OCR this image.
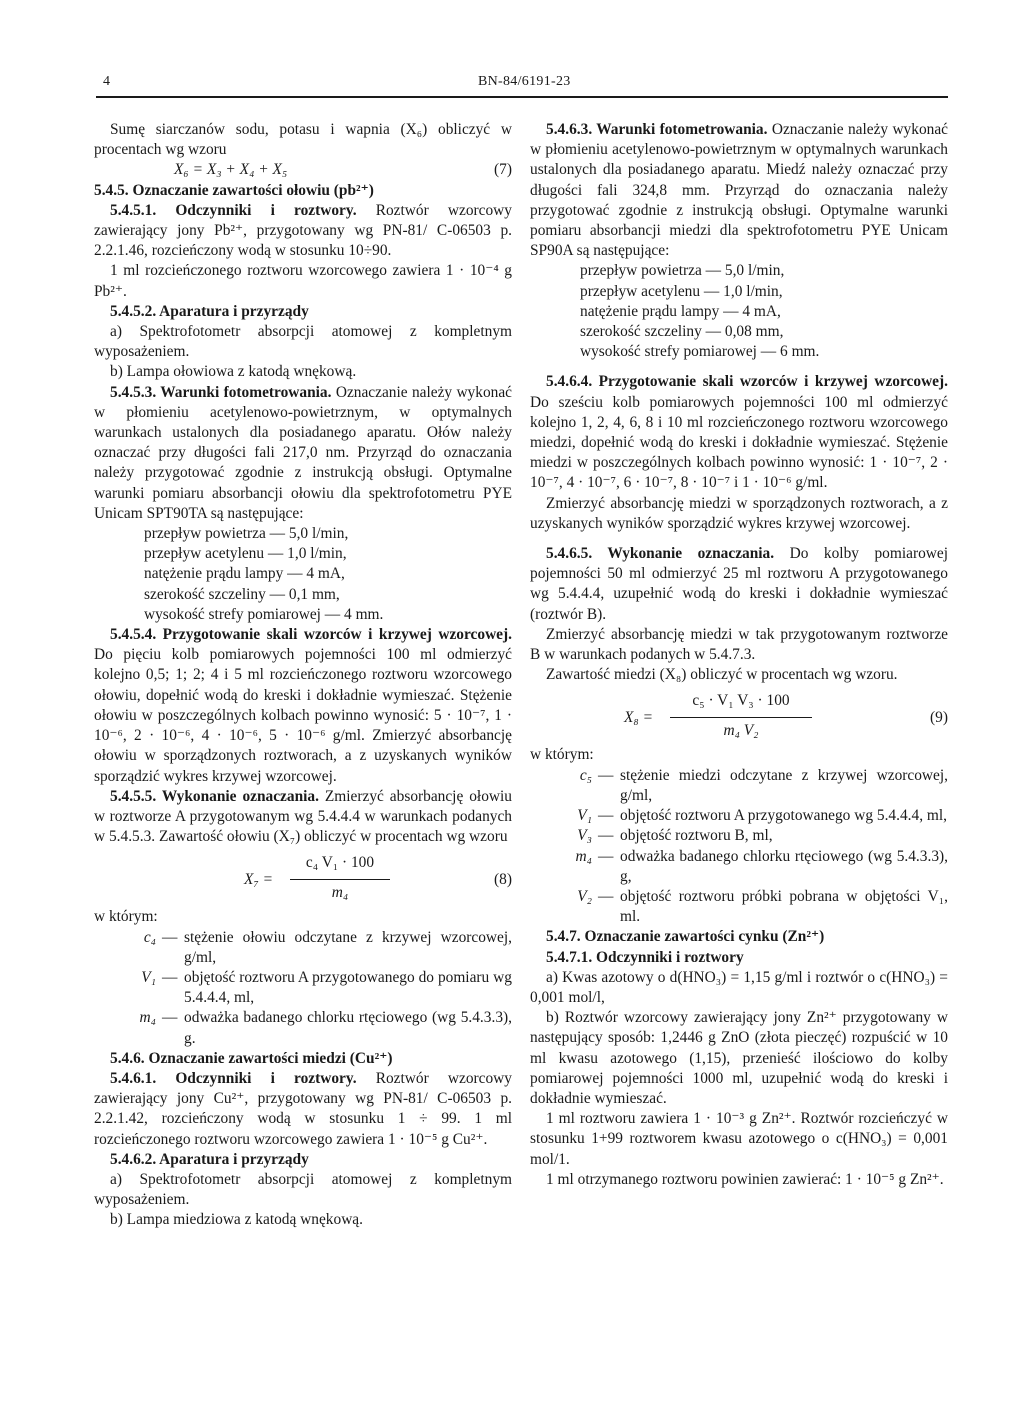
4	BN-84/6191-23

Sumę siarczanów sodu, potasu i wapnia (X₆) obliczyć w procentach wg wzoru

X₆ = X₃ + X₄ + X₅	(7)

5.4.5. Oznaczanie zawartości ołowiu (pb²⁺)

5.4.5.1. Odczynniki i roztwory. Roztwór wzorcowy zawierający jony Pb²⁺, przygotowany wg PN-81/ C-06503 p. 2.2.1.46, rozcieńczony wodą w stosunku 10÷90.

1 ml rozcieńczonego roztworu wzorcowego zawiera 1 · 10⁻⁴ g Pb²⁺.

5.4.5.2. Aparatura i przyrządy

a) Spektrofotometr absorpcji atomowej z kompletnym wyposażeniem.

b) Lampa ołowiowa z katodą wnękową.

5.4.5.3. Warunki fotometrowania. Oznaczanie należy wykonać w płomieniu acetylenowo-powietrznym, w optymalnych warunkach ustalonych dla posiadanego aparatu. Ołów należy oznaczać przy długości fali 217,0 nm. Przyrząd do oznaczania należy przygotować zgodnie z instrukcją obsługi. Optymalne warunki pomiaru absorbancji ołowiu dla spektrofotometru PYE Unicam SPT90TA są następujące:

przepływ powietrza — 5,0 l/min,

przepływ acetylenu — 1,0 l/min,

natężenie prądu lampy — 4 mA,

szerokość szczeliny — 0,1 mm,

wysokość strefy pomiarowej — 4 mm.

5.4.5.4. Przygotowanie skali wzorców i krzywej wzorcowej. Do pięciu kolb pomiarowych pojemności 100 ml odmierzyć kolejno 0,5; 1; 2; 4 i 5 ml rozcieńczonego roztworu wzorcowego ołowiu, dopełnić wodą do kreski i dokładnie wymieszać. Stężenie ołowiu w poszczególnych kolbach powinno wynosić: 5 · 10⁻⁷, 1 · 10⁻⁶, 2 · 10⁻⁶, 4 · 10⁻⁶, 5 · 10⁻⁶ g/ml. Zmierzyć absorbancję ołowiu w sporządzonych roztworach, a z uzyskanych wyników sporządzić wykres krzywej wzorcowej.

5.4.5.5. Wykonanie oznaczania. Zmierzyć absorbancję ołowiu w roztworze A przygotowanym wg 5.4.4.4 w warunkach podanych w 5.4.5.3. Zawartość ołowiu (X₇) obliczyć w procentach wg wzoru

X₇ =
c₄ V₁ · 100
m₄
(8)

w którym:

c₄ — stężenie ołowiu odczytane z krzywej wzorcowej, g/ml,
V₁ — objętość roztworu A przygotowanego do pomiaru wg 5.4.4.4, ml,
m₄ — odważka badanego chlorku rtęciowego (wg 5.4.3.3), g.

5.4.6. Oznaczanie zawartości miedzi (Cu²⁺)

5.4.6.1. Odczynniki i roztwory. Roztwór wzorcowy zawierający jony Cu²⁺, przygotowany wg PN-81/ C-06503 p. 2.2.1.42, rozcieńczony wodą w stosunku 1 ÷ 99. 1 ml rozcieńczonego roztworu wzorcowego zawiera 1 · 10⁻⁵ g Cu²⁺.

5.4.6.2. Aparatura i przyrządy

a) Spektrofotometr absorpcji atomowej z kompletnym wyposażeniem.

b) Lampa miedziowa z katodą wnękową.

5.4.6.3. Warunki fotometrowania. Oznaczanie należy wykonać w płomieniu acetylenowo-powietrznym w optymalnych warunkach ustalonych dla posiadanego aparatu. Miedź należy oznaczać przy długości fali 324,8 mm. Przyrząd do oznaczania należy przygotować zgodnie z instrukcją obsługi. Optymalne warunki pomiaru absorbancji miedzi dla spektrofotometru PYE Unicam SP90A są następujące:

przepływ powietrza — 5,0 l/min,

przepływ acetylenu — 1,0 l/min,

natężenie prądu lampy — 4 mA,

szerokość szczeliny — 0,08 mm,

wysokość strefy pomiarowej — 6 mm.

5.4.6.4. Przygotowanie skali wzorców i krzywej wzorcowej. Do sześciu kolb pomiarowych pojemności 100 ml odmierzyć kolejno 1, 2, 4, 6, 8 i 10 ml rozcieńczonego roztworu wzorcowego miedzi, dopełnić wodą do kreski i dokładnie wymieszać. Stężenie miedzi w poszczególnych kolbach powinno wynosić: 1 · 10⁻⁷, 2 · 10⁻⁷, 4 · 10⁻⁷, 6 · 10⁻⁷, 8 · 10⁻⁷ i 1 · 10⁻⁶ g/ml.

Zmierzyć absorbancję miedzi w sporządzonych roztworach, a z uzyskanych wyników sporządzić wykres krzywej wzorcowej.

5.4.6.5. Wykonanie oznaczania. Do kolby pomiarowej pojemności 50 ml odmierzyć 25 ml roztworu A przygotowanego wg 5.4.4.4, uzupełnić wodą do kreski i dokładnie wymieszać (roztwór B).

Zmierzyć absorbancję miedzi w tak przygotowanym roztworze B w warunkach podanych w 5.4.7.3.

Zawartość miedzi (X₈) obliczyć w procentach wg wzoru.

X₈ =
c₅ · V₁ V₃ · 100
m₄ V₂
(9)

w którym:

c₅ — stężenie miedzi odczytane z krzywej wzorcowej, g/ml,
V₁ — objętość roztworu A przygotowanego wg 5.4.4.4, ml,
V₃ — objętość roztworu B, ml,
m₄ — odważka badanego chlorku rtęciowego (wg 5.4.3.3), g,
V₂ — objętość roztworu próbki pobrana w objętości V₁, ml.

5.4.7. Oznaczanie zawartości cynku (Zn²⁺)

5.4.7.1. Odczynniki i roztwory

a) Kwas azotowy o d(HNO₃) = 1,15 g/ml i roztwór o c(HNO₃) = 0,001 mol/l,

b) Roztwór wzorcowy zawierający jony Zn²⁺ przygotowany w następujący sposób: 1,2446 g ZnO (złota pieczęć) rozpuścić w 10 ml kwasu azotowego (1,15), przenieść ilościowo do kolby pomiarowej pojemności 1000 ml, uzupełnić wodą do kreski i dokładnie wymieszać.

1 ml roztworu zawiera 1 · 10⁻³ g Zn²⁺. Roztwór rozcieńczyć w stosunku 1+99 roztworem kwasu azotowego o c(HNO₃) = 0,001 mol/1.

1 ml otrzymanego roztworu powinien zawierać: 1 · 10⁻⁵ g Zn²⁺.
